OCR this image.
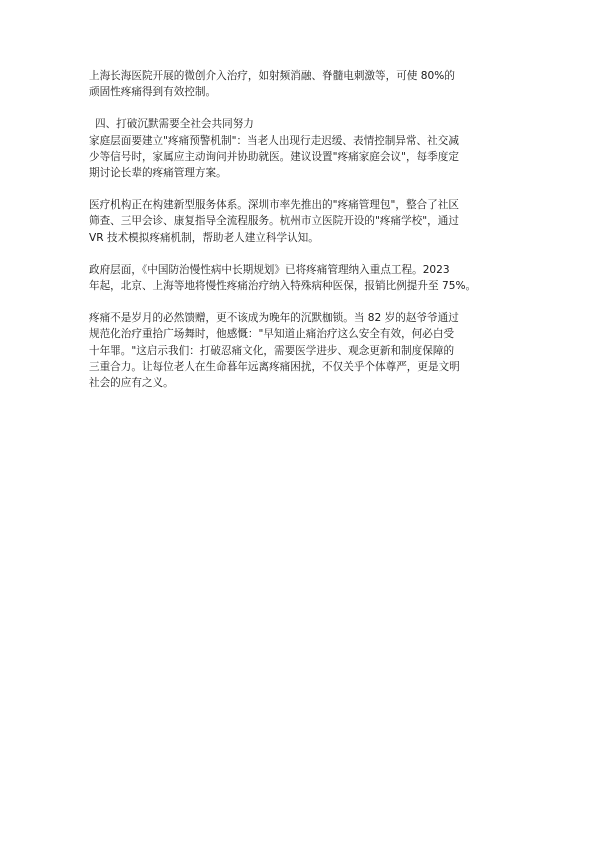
上海长海医院开展的微创介入治疗，如射频消融、脊髓电刺激等，可使 80%的
顽固性疼痛得到有效控制。

四、打破沉默需要全社会共同努力

家庭层面要建立"疼痛预警机制"：当老人出现行走迟缓、表情控制异常、社交减
少等信号时，家属应主动询问并协助就医。建议设置"疼痛家庭会议"，每季度定
期讨论长辈的疼痛管理方案。

医疗机构正在构建新型服务体系。深圳市率先推出的"疼痛管理包"，整合了社区
筛查、三甲会诊、康复指导全流程服务。杭州市立医院开设的"疼痛学校"，通过
VR 技术模拟疼痛机制，帮助老人建立科学认知。

政府层面，《中国防治慢性病中长期规划》已将疼痛管理纳入重点工程。2023
年起，北京、上海等地将慢性疼痛治疗纳入特殊病种医保，报销比例提升至 75%。

疼痛不是岁月的必然馈赠，更不该成为晚年的沉默枷锁。当 82 岁的赵爷爷通过
规范化治疗重拾广场舞时，他感慨："早知道止痛治疗这么安全有效，何必白受
十年罪。"这启示我们：打破忍痛文化，需要医学进步、观念更新和制度保障的
三重合力。让每位老人在生命暮年远离疼痛困扰，不仅关乎个体尊严，更是文明
社会的应有之义。
